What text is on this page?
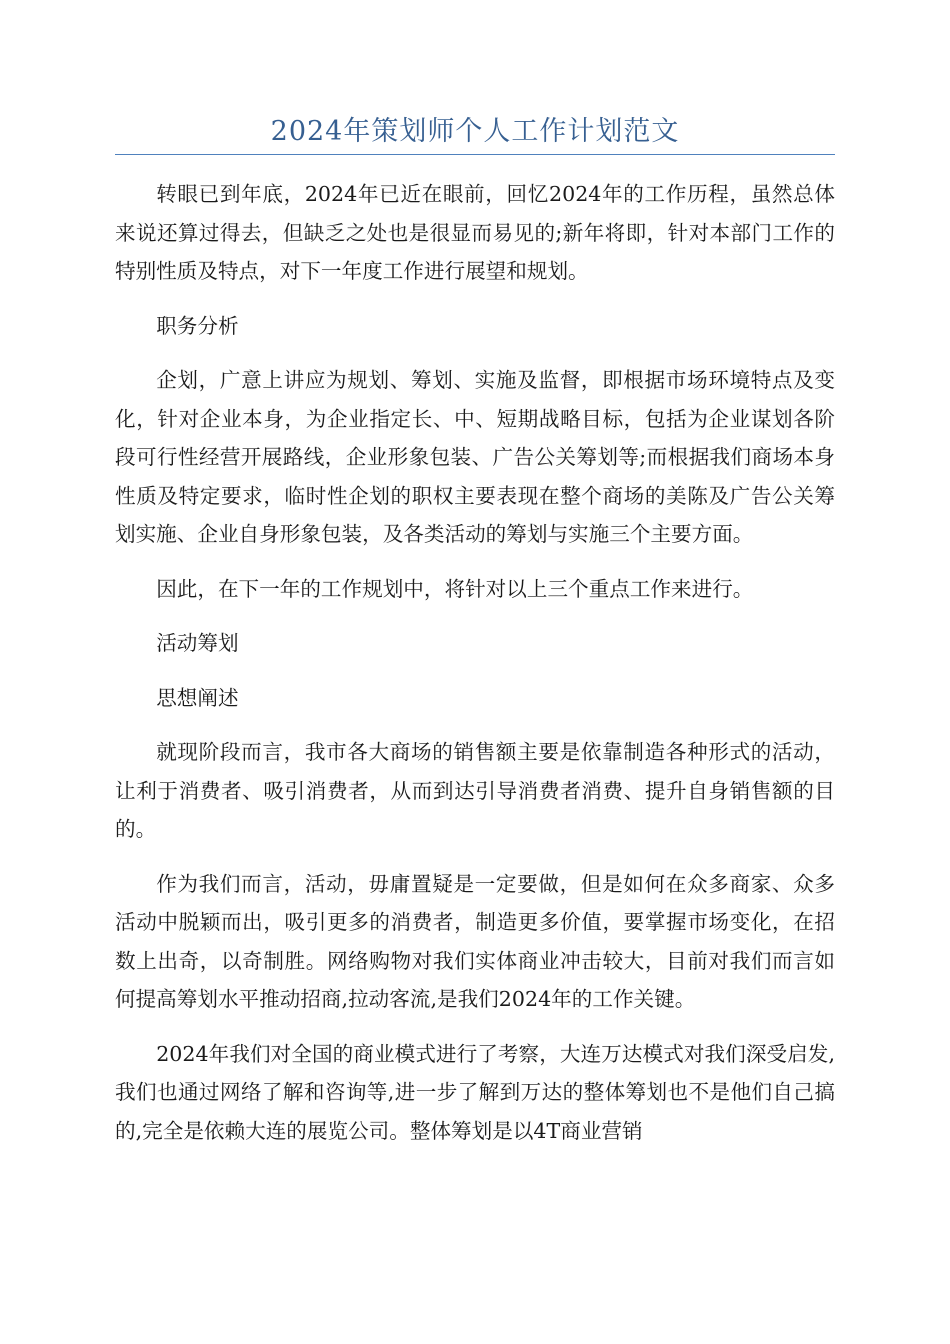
2024年策划师个人工作计划范文

转眼已到年底，2024年已近在眼前，回忆2024年的工作历程，虽然总体来说还算过得去，但缺乏之处也是很显而易见的;新年将即，针对本部门工作的特别性质及特点，对下一年度工作进行展望和规划。

职务分析

企划，广意上讲应为规划、筹划、实施及监督，即根据市场环境特点及变化，针对企业本身，为企业指定长、中、短期战略目标，包括为企业谋划各阶段可行性经营开展路线，企业形象包装、广告公关筹划等;而根据我们商场本身性质及特定要求，临时性企划的职权主要表现在整个商场的美陈及广告公关筹划实施、企业自身形象包装，及各类活动的筹划与实施三个主要方面。

因此，在下一年的工作规划中，将针对以上三个重点工作来进行。

活动筹划

思想阐述

就现阶段而言，我市各大商场的销售额主要是依靠制造各种形式的活动，让利于消费者、吸引消费者，从而到达引导消费者消费、提升自身销售额的目的。

作为我们而言，活动，毋庸置疑是一定要做，但是如何在众多商家、众多活动中脱颖而出，吸引更多的消费者，制造更多价值，要掌握市场变化，在招数上出奇，以奇制胜。网络购物对我们实体商业冲击较大，目前对我们而言如何提高筹划水平推动招商,拉动客流,是我们2024年的工作关键。

2024年我们对全国的商业模式进行了考察，大连万达模式对我们深受启发,我们也通过网络了解和咨询等,进一步了解到万达的整体筹划也不是他们自己搞的,完全是依赖大连的展览公司。整体筹划是以4T商业营销
